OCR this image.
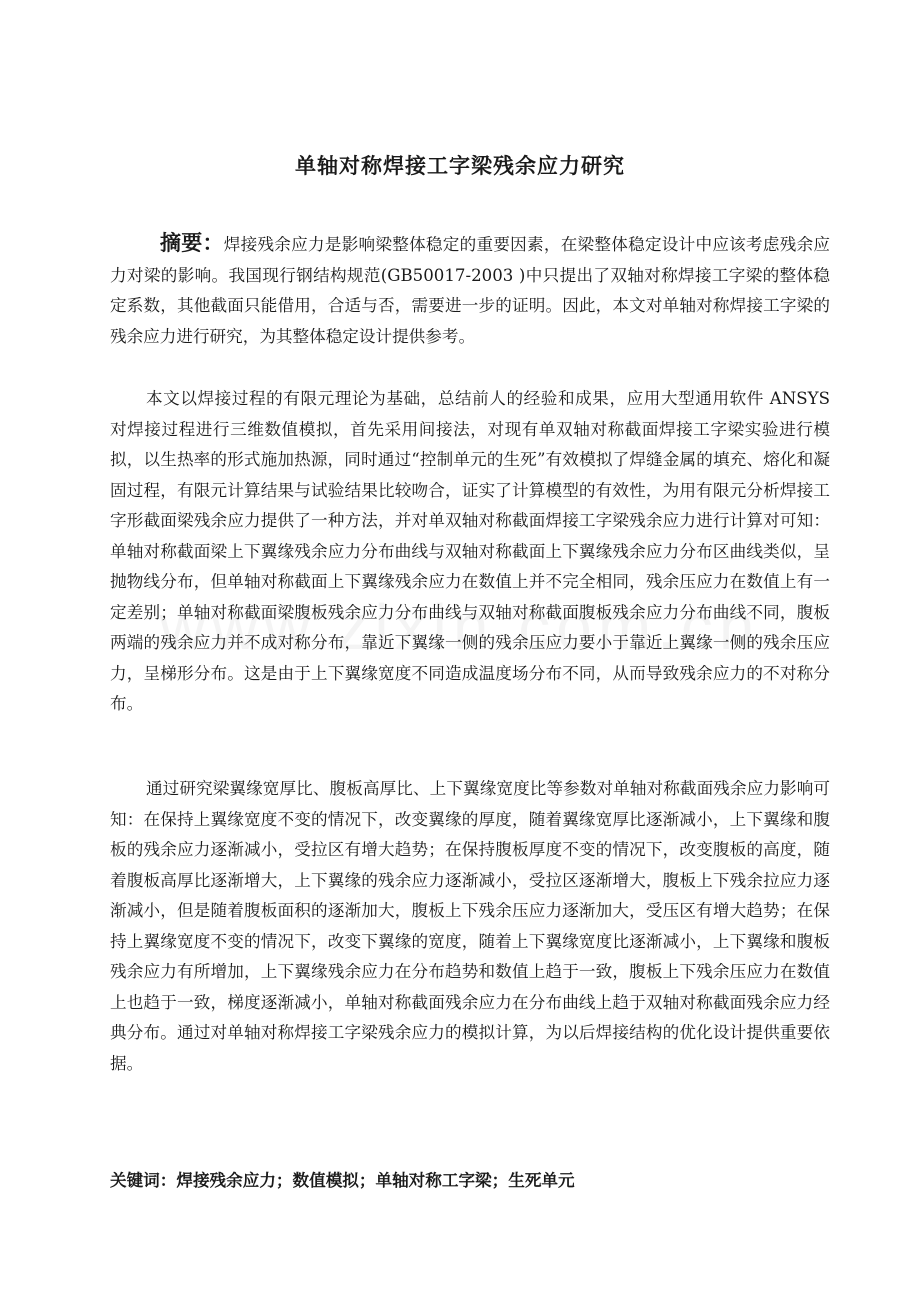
单轴对称焊接工字梁残余应力研究

摘要：焊接残余应力是影响梁整体稳定的重要因素，在梁整体稳定设计中应该考虑残余应力对梁的影响。我国现行钢结构规范(GB50017-2003 )中只提出了双轴对称焊接工字梁的整体稳定系数，其他截面只能借用，合适与否，需要进一步的证明。因此，本文对单轴对称焊接工字梁的残余应力进行研究，为其整体稳定设计提供参考。

本文以焊接过程的有限元理论为基础，总结前人的经验和成果，应用大型通用软件 ANSYS 对焊接过程进行三维数值模拟，首先采用间接法，对现有单双轴对称截面焊接工字梁实验进行模拟，以生热率的形式施加热源，同时通过“控制单元的生死”有效模拟了焊缝金属的填充、熔化和凝固过程，有限元计算结果与试验结果比较吻合，证实了计算模型的有效性，为用有限元分析焊接工字形截面梁残余应力提供了一种方法，并对单双轴对称截面焊接工字梁残余应力进行计算对可知：单轴对称截面梁上下翼缘残余应力分布曲线与双轴对称截面上下翼缘残余应力分布区曲线类似，呈抛物线分布，但单轴对称截面上下翼缘残余应力在数值上并不完全相同，残余压应力在数值上有一定差别；单轴对称截面梁腹板残余应力分布曲线与双轴对称截面腹板残余应力分布曲线不同，腹板两端的残余应力并不成对称分布，靠近下翼缘一侧的残余压应力要小于靠近上翼缘一侧的残余压应力，呈梯形分布。这是由于上下翼缘宽度不同造成温度场分布不同，从而导致残余应力的不对称分布。

通过研究梁翼缘宽厚比、腹板高厚比、上下翼缘宽度比等参数对单轴对称截面残余应力影响可知：在保持上翼缘宽度不变的情况下，改变翼缘的厚度，随着翼缘宽厚比逐渐减小，上下翼缘和腹板的残余应力逐渐减小，受拉区有增大趋势；在保持腹板厚度不变的情况下，改变腹板的高度，随着腹板高厚比逐渐增大，上下翼缘的残余应力逐渐减小，受拉区逐渐增大，腹板上下残余拉应力逐渐减小，但是随着腹板面积的逐渐加大，腹板上下残余压应力逐渐加大，受压区有增大趋势；在保持上翼缘宽度不变的情况下，改变下翼缘的宽度，随着上下翼缘宽度比逐渐减小，上下翼缘和腹板残余应力有所增加，上下翼缘残余应力在分布趋势和数值上趋于一致，腹板上下残余压应力在数值上也趋于一致，梯度逐渐减小，单轴对称截面残余应力在分布曲线上趋于双轴对称截面残余应力经典分布。通过对单轴对称焊接工字梁残余应力的模拟计算，为以后焊接结构的优化设计提供重要依据。

关键词：焊接残余应力；数值模拟；单轴对称工字梁；生死单元
